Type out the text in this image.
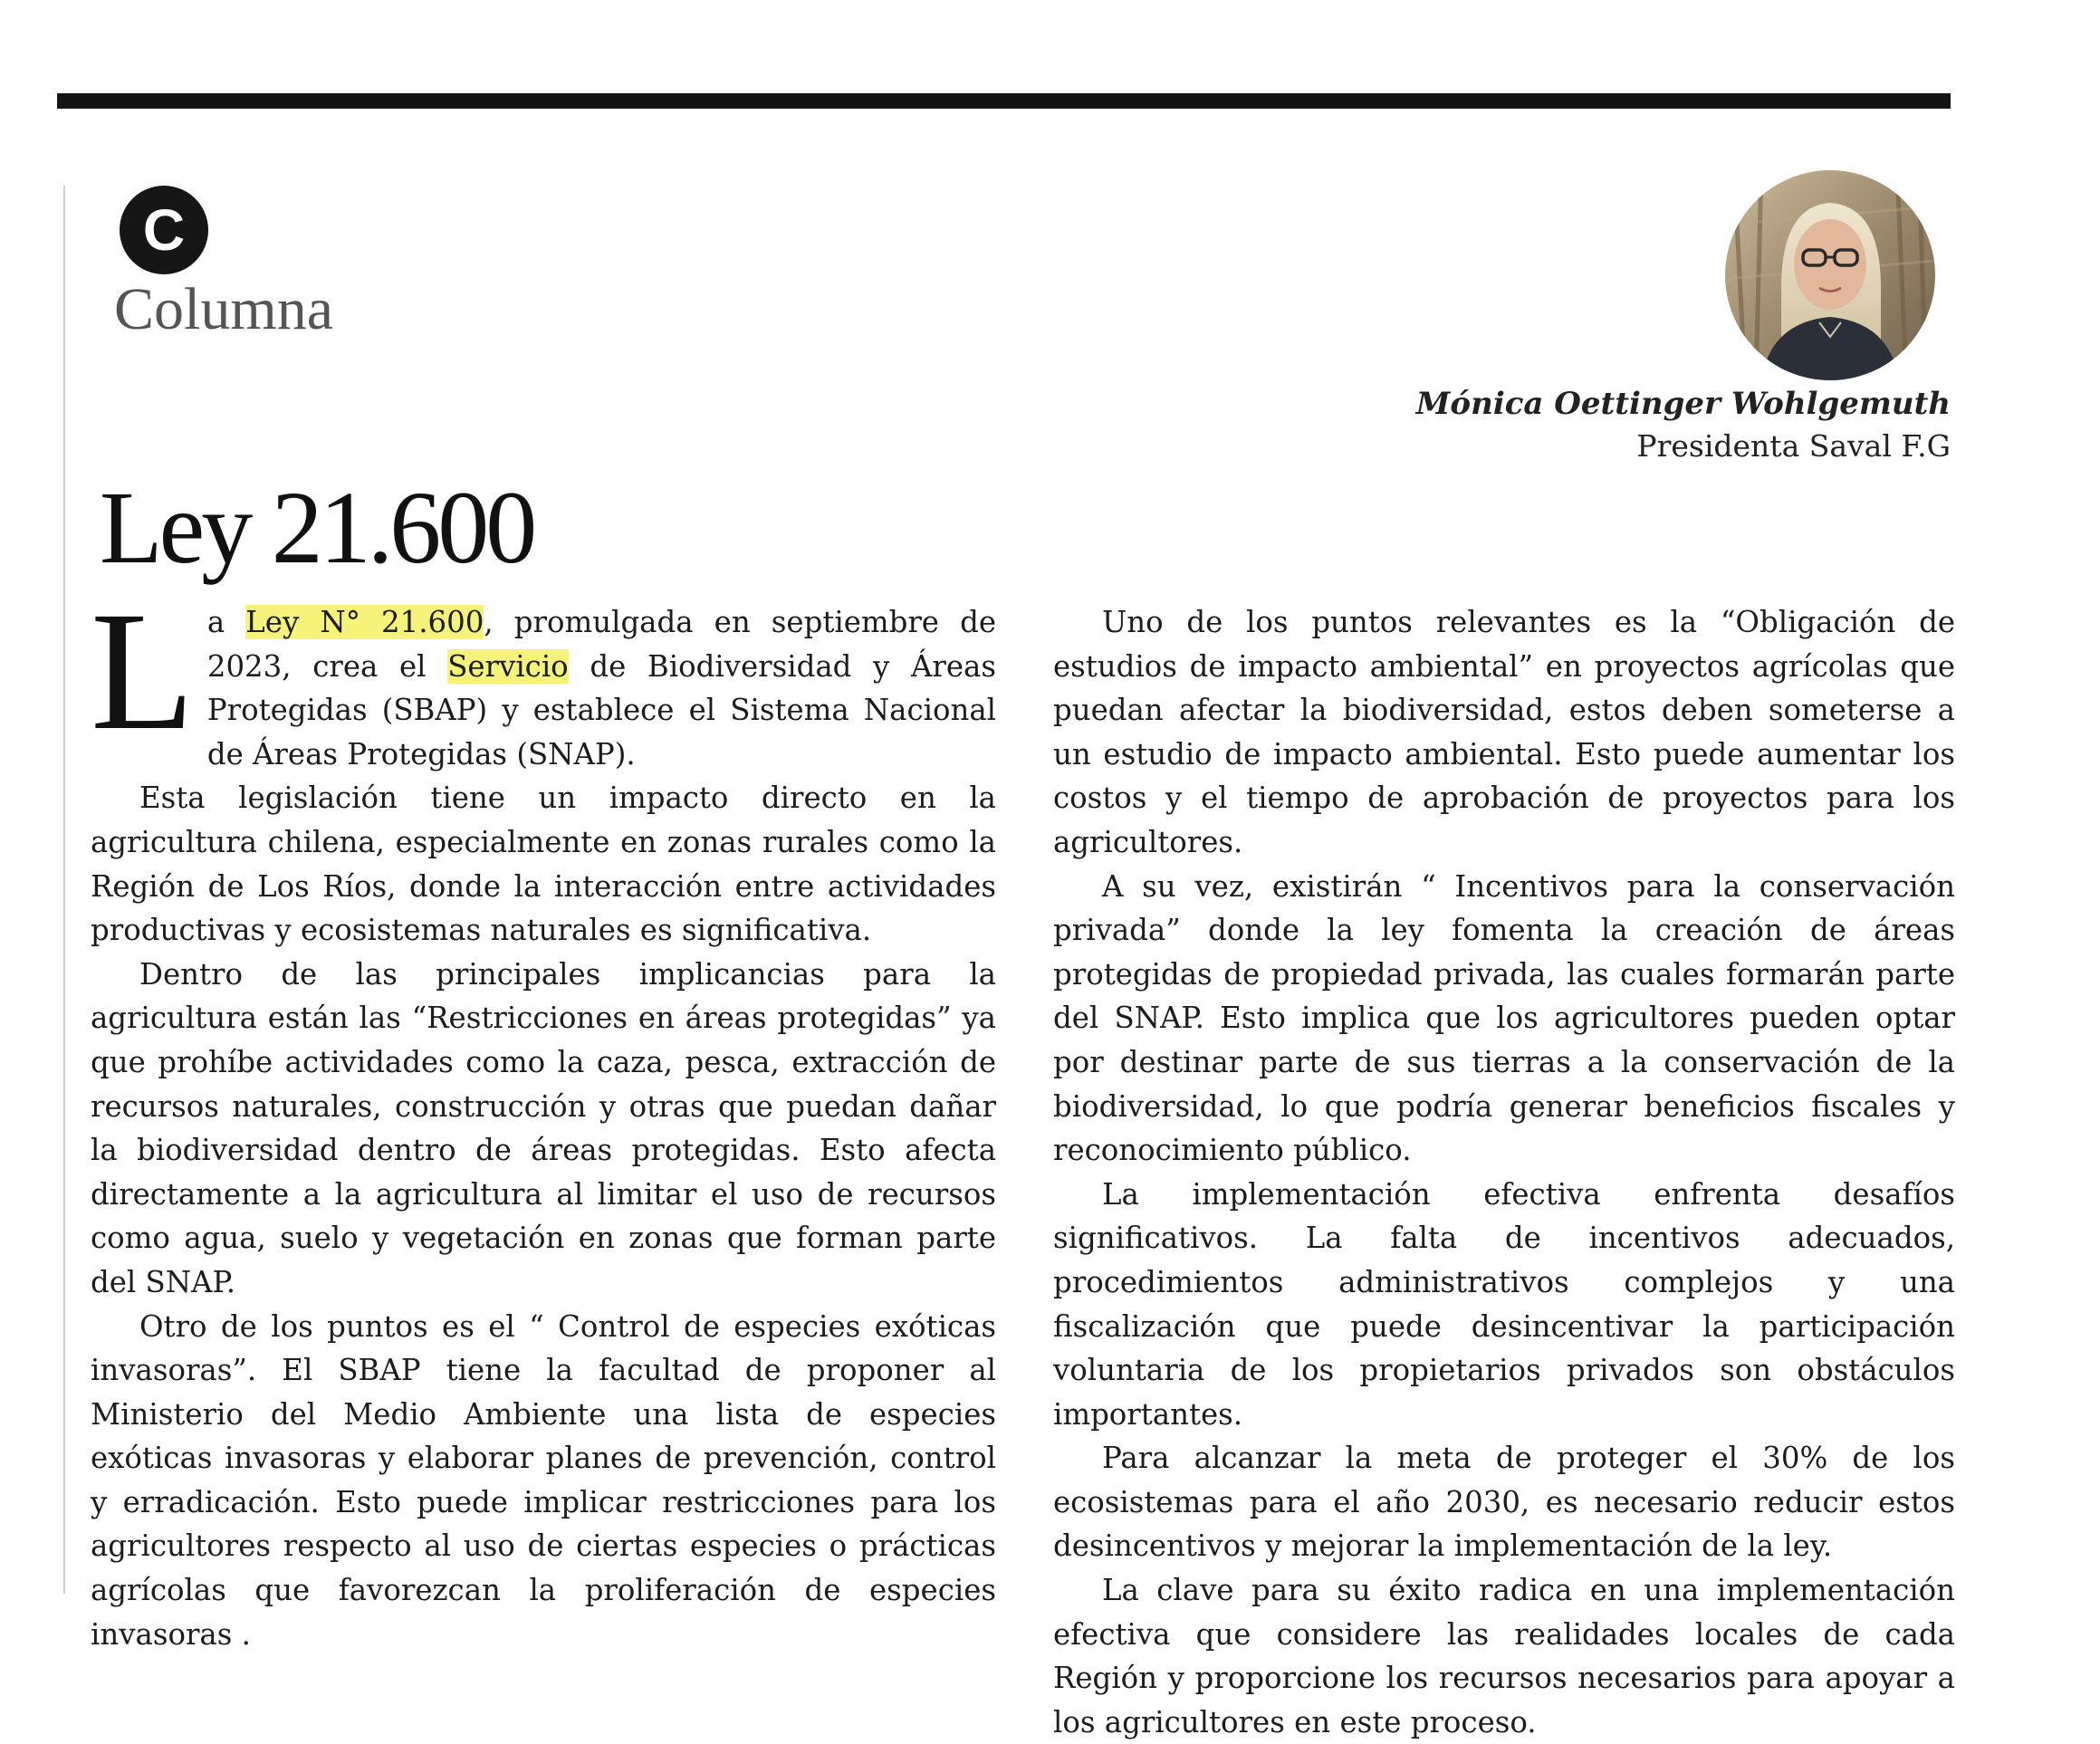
C
Columna
Mónica Oettinger Wohlgemuth
Presidenta Saval F.G
Ley 21.600

La Ley N° 21.600, promulgada en septiembre de 2023, crea el Servicio de Biodiversidad y Áreas Protegidas (SBAP) y establece el Sistema Nacional de Áreas Protegidas (SNAP).

Esta legislación tiene un impacto directo en la agricultura chilena, especialmente en zonas rurales como la Región de Los Ríos, donde la interacción entre actividades productivas y ecosistemas naturales es significativa.

Dentro de las principales implicancias para la agricultura están las “Restricciones en áreas protegidas” ya que prohíbe actividades como la caza, pesca, extracción de recursos naturales, construcción y otras que puedan dañar la biodiversidad dentro de áreas protegidas. Esto afecta directamente a la agricultura al limitar el uso de recursos como agua, suelo y vegetación en zonas que forman parte del SNAP.

Otro de los puntos es el “ Control de especies exóticas invasoras”. El SBAP tiene la facultad de proponer al Ministerio del Medio Ambiente una lista de especies exóticas invasoras y elaborar planes de prevención, control y erradicación. Esto puede implicar restricciones para los agricultores respecto al uso de ciertas especies o prácticas agrícolas que favorezcan la proliferación de especies invasoras .

Uno de los puntos relevantes es la “Obligación de estudios de impacto ambiental” en proyectos agrícolas que puedan afectar la biodiversidad, estos deben someterse a un estudio de impacto ambiental. Esto puede aumentar los costos y el tiempo de aprobación de proyectos para los agricultores.

A su vez, existirán “ Incentivos para la conservación privada” donde la ley fomenta la creación de áreas protegidas de propiedad privada, las cuales formarán parte del SNAP. Esto implica que los agricultores pueden optar por destinar parte de sus tierras a la conservación de la biodiversidad, lo que podría generar beneficios fiscales y reconocimiento público.

La implementación efectiva enfrenta desafíos significativos. La falta de incentivos adecuados, procedimientos administrativos complejos y una fiscalización que puede desincentivar la participación voluntaria de los propietarios privados son obstáculos importantes.

Para alcanzar la meta de proteger el 30% de los ecosistemas para el año 2030, es necesario reducir estos desincentivos y mejorar la implementación de la ley.

La clave para su éxito radica en una implementación efectiva que considere las realidades locales de cada Región y proporcione los recursos necesarios para apoyar a los agricultores en este proceso.
